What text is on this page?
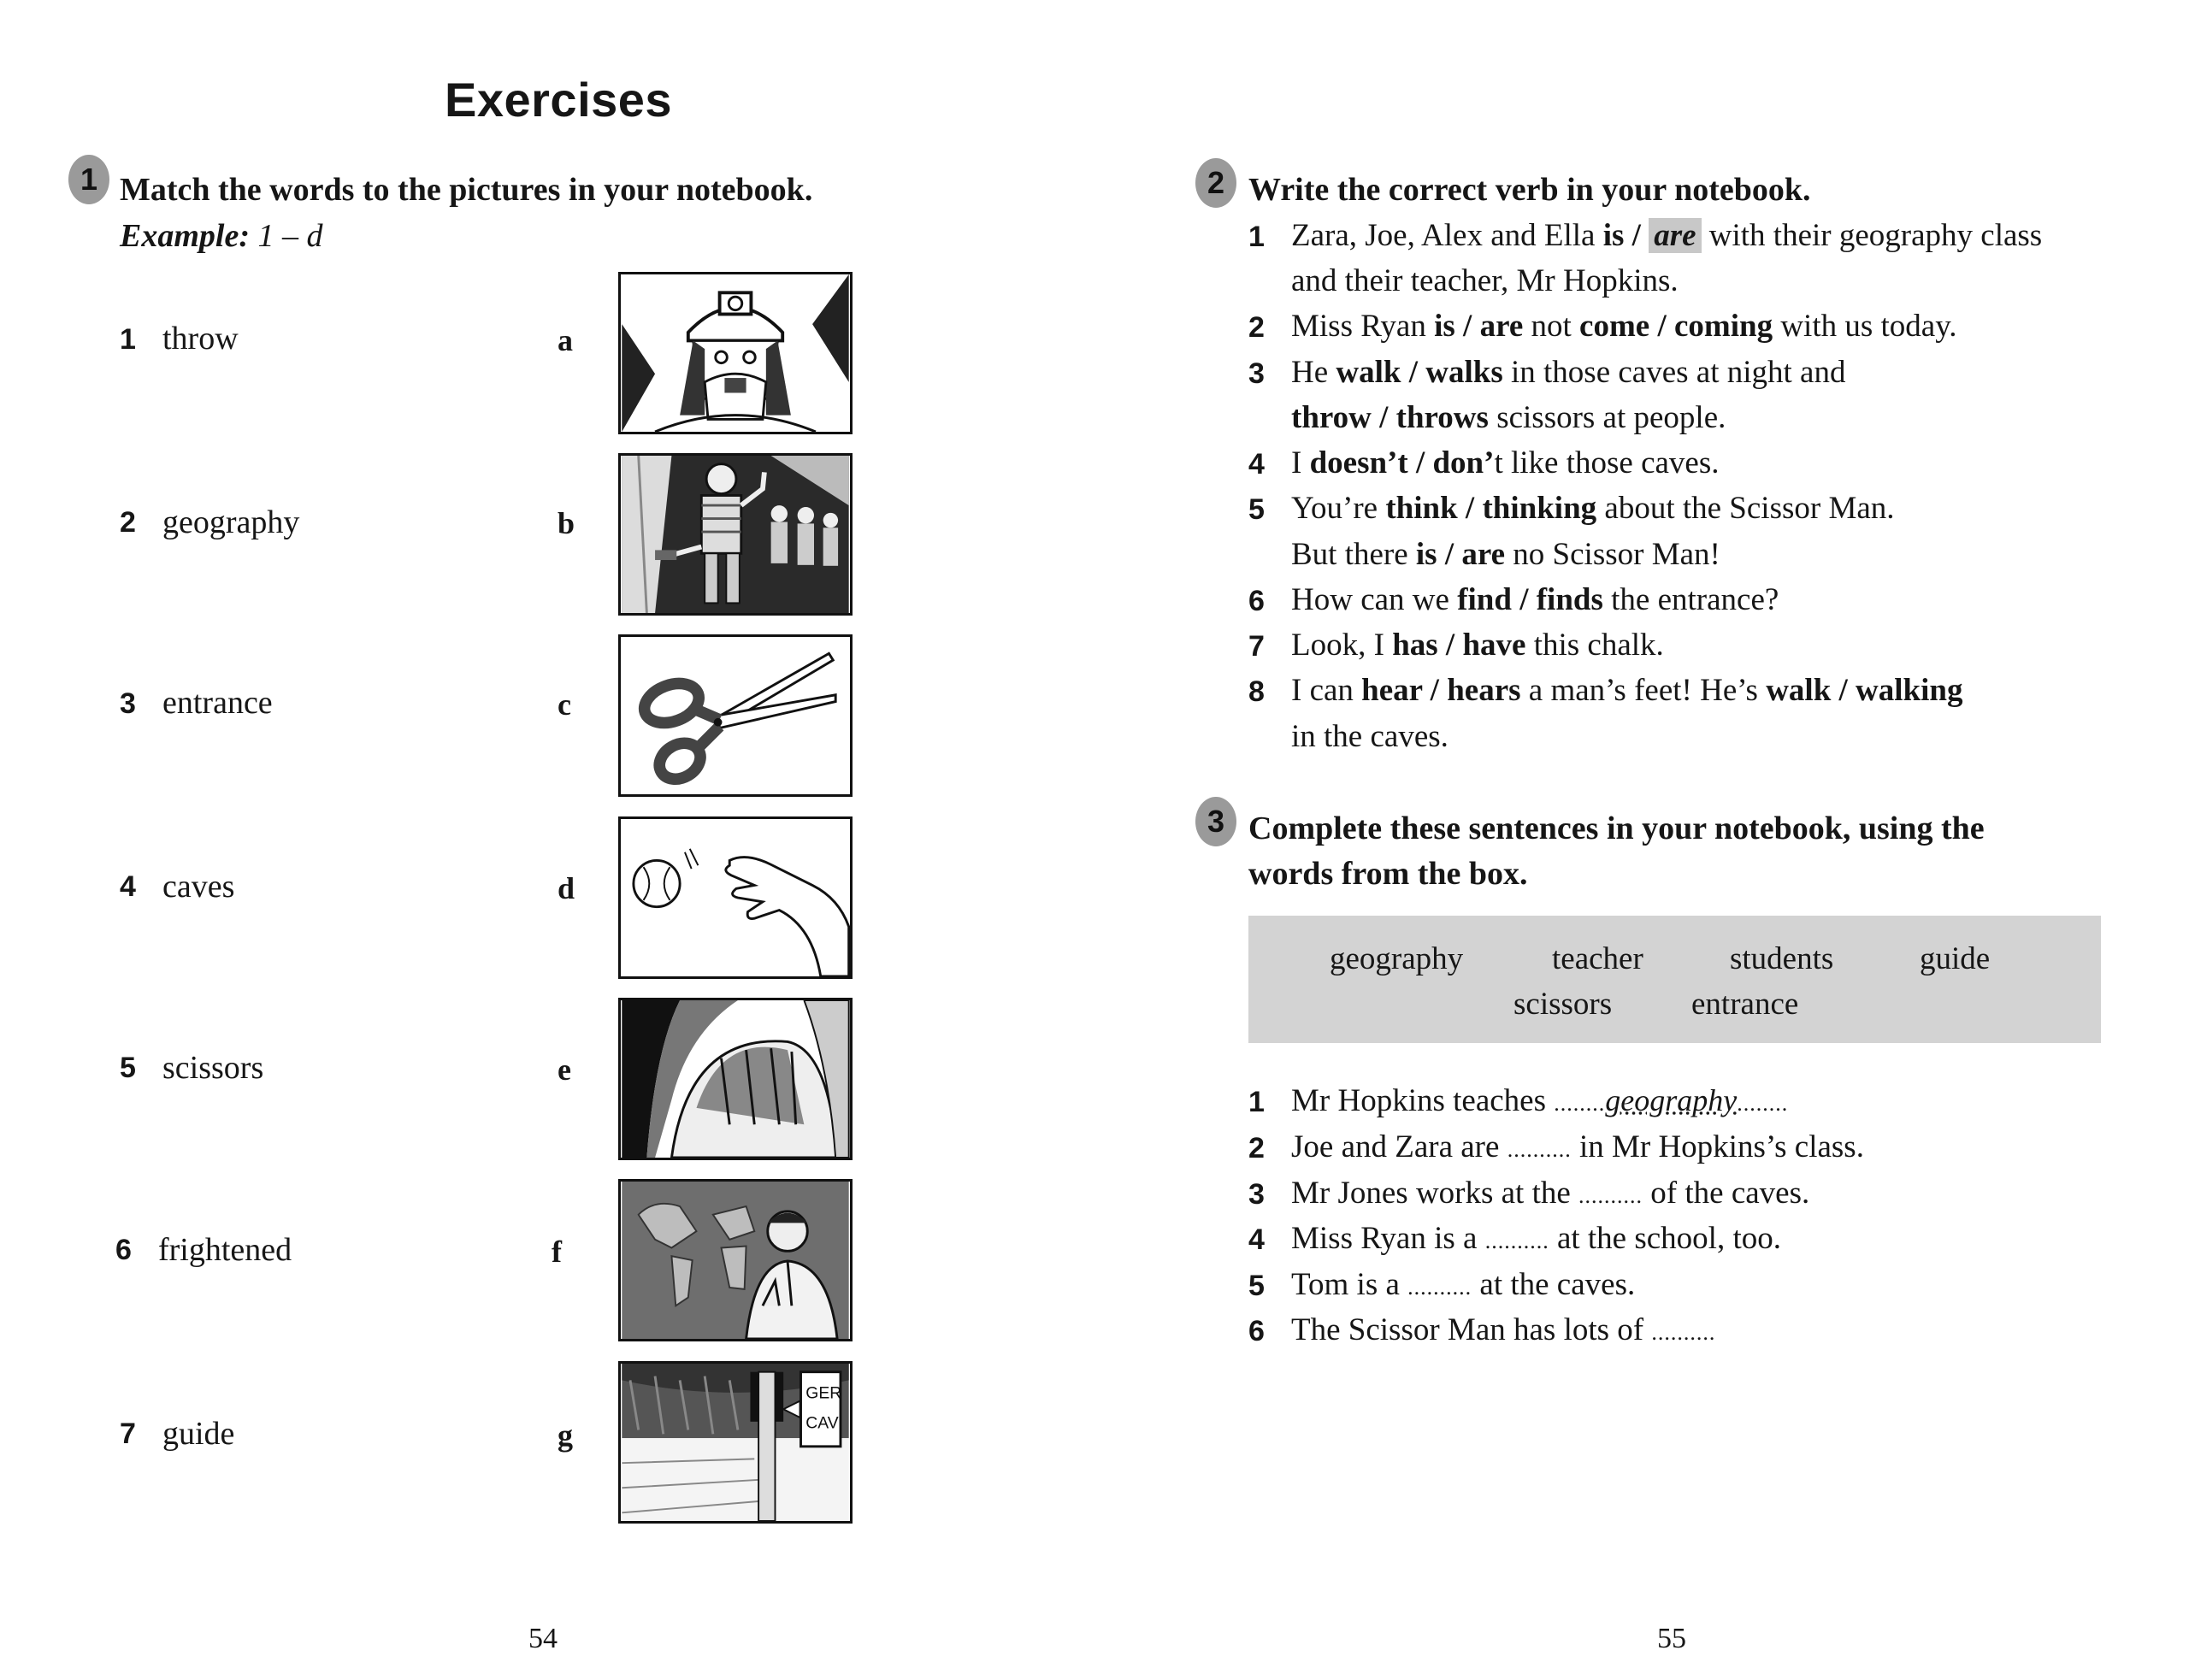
Exercises
1 Match the words to the pictures in your notebook.
Example: 1 – d
1 throw
2 geography
3 entrance
4 caves
5 scissors
6 frightened
7 guide
a
b
c
d
e
f
g
GER
CAV
54
2 Write the correct verb in your notebook.
1 Zara, Joe, Alex and Ella is / are with their geography class
and their teacher, Mr Hopkins.
2 Miss Ryan is / are not come / coming with us today.
3 He walk / walks in those caves at night and
throw / throws scissors at people.
4 I doesn’t / don’t like those caves.
5 You’re think / thinking about the Scissor Man.
But there is / are no Scissor Man!
6 How can we find / finds the entrance?
7 Look, I has / have this chalk.
8 I can hear / hears a man’s feet! He’s walk / walking
in the caves.
3 Complete these sentences in your notebook, using the
words from the box.
geography	teacher	students	guide
scissors	entrance
1 Mr Hopkins teaches ........geography........
2 Joe and Zara are .......... in Mr Hopkins’s class.
3 Mr Jones works at the .......... of the caves.
4 Miss Ryan is a .......... at the school, too.
5 Tom is a .......... at the caves.
6 The Scissor Man has lots of ..........
55
